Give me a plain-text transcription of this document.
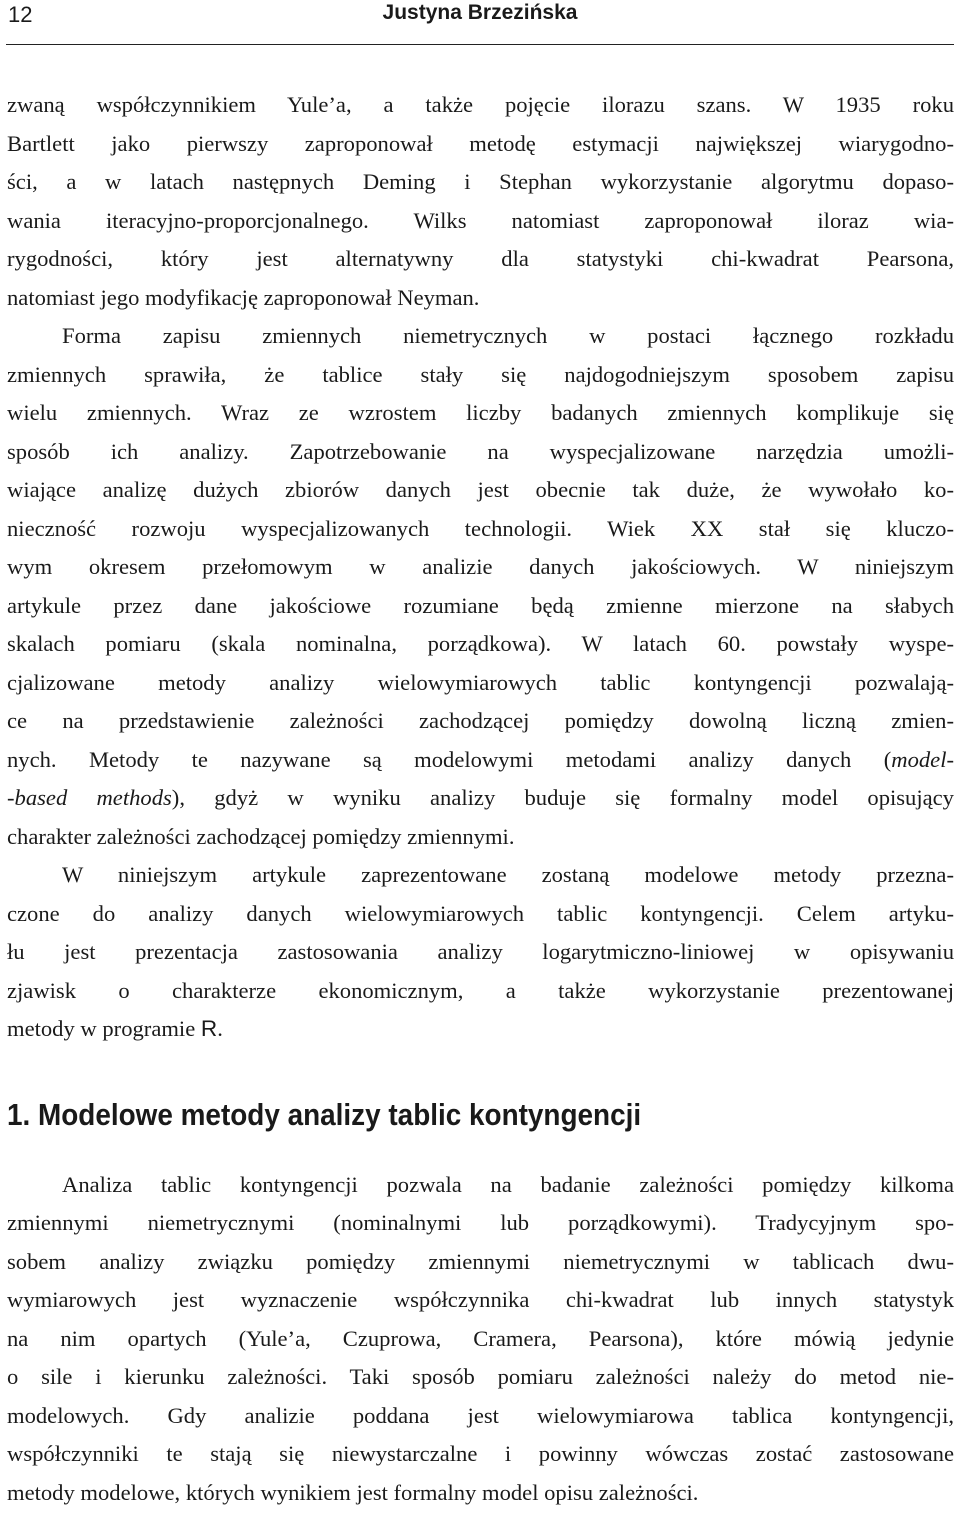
12	Justyna Brzezińska
zwaną współczynnikiem Yule’a, a także pojęcie ilorazu szans. W 1935 roku
Bartlett jako pierwszy zaproponował metodę estymacji największej wiarygodno-
ści, a w latach następnych Deming i Stephan wykorzystanie algorytmu dopaso-
wania iteracyjno-proporcjonalnego. Wilks natomiast zaproponował iloraz wia-
rygodności, który jest alternatywny dla statystyki chi-kwadrat Pearsona,
natomiast jego modyfikację zaproponował Neyman.
Forma zapisu zmiennych niemetrycznych w postaci łącznego rozkładu
zmiennych sprawiła, że tablice stały się najdogodniejszym sposobem zapisu
wielu zmiennych. Wraz ze wzrostem liczby badanych zmiennych komplikuje się
sposób ich analizy. Zapotrzebowanie na wyspecjalizowane narzędzia umożli-
wiające analizę dużych zbiorów danych jest obecnie tak duże, że wywołało ko-
nieczność rozwoju wyspecjalizowanych technologii. Wiek XX stał się kluczo-
wym okresem przełomowym w analizie danych jakościowych. W niniejszym
artykule przez dane jakościowe rozumiane będą zmienne mierzone na słabych
skalach pomiaru (skala nominalna, porządkowa). W latach 60. powstały wyspe-
cjalizowane metody analizy wielowymiarowych tablic kontyngencji pozwalają-
ce na przedstawienie zależności zachodzącej pomiędzy dowolną liczną zmien-
nych. Metody te nazywane są modelowymi metodami analizy danych (model-
-based methods), gdyż w wyniku analizy buduje się formalny model opisujący
charakter zależności zachodzącej pomiędzy zmiennymi.
W niniejszym artykule zaprezentowane zostaną modelowe metody przezna-
czone do analizy danych wielowymiarowych tablic kontyngencji. Celem artyku-
łu jest prezentacja zastosowania analizy logarytmiczno-liniowej w opisywaniu
zjawisk o charakterze ekonomicznym, a także wykorzystanie prezentowanej
metody w programie R.
1. Modelowe metody analizy tablic kontyngencji
Analiza tablic kontyngencji pozwala na badanie zależności pomiędzy kilkoma
zmiennymi niemetrycznymi (nominalnymi lub porządkowymi). Tradycyjnym spo-
sobem analizy związku pomiędzy zmiennymi niemetrycznymi w tablicach dwu-
wymiarowych jest wyznaczenie współczynnika chi-kwadrat lub innych statystyk
na nim opartych (Yule’a, Czuprowa, Cramera, Pearsona), które mówią jedynie
o sile i kierunku zależności. Taki sposób pomiaru zależności należy do metod nie-
modelowych. Gdy analizie poddana jest wielowymiarowa tablica kontyngencji,
współczynniki te stają się niewystarczalne i powinny wówczas zostać zastosowane
metody modelowe, których wynikiem jest formalny model opisu zależności.
